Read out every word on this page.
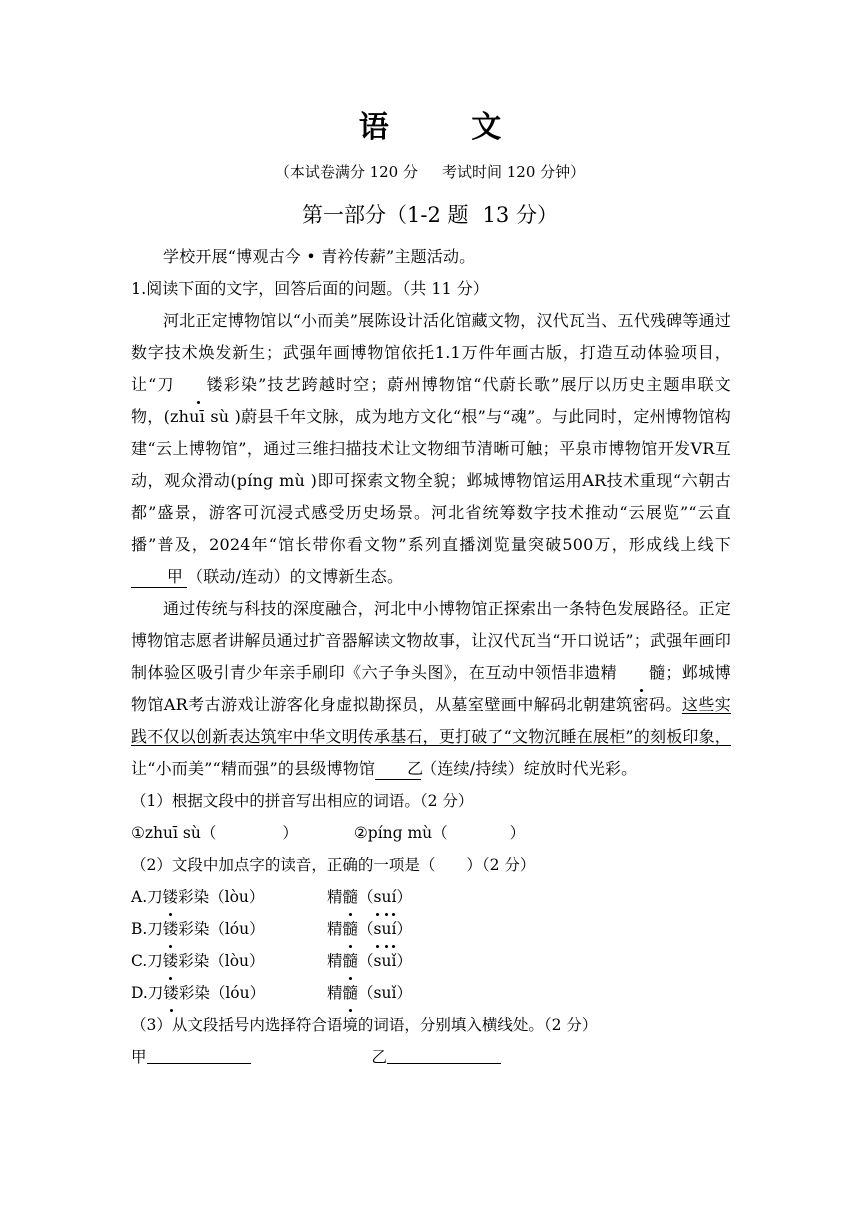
语 文
（本试卷满分 120 分 考试时间 120 分钟）
第一部分（1-2 题 13 分）

学校开展“博观古今 • 青衿传薪”主题活动。

1.阅读下面的文字，回答后面的问题。（共 11 分）

河北正定博物馆以“小而美”展陈设计活化馆藏文物，汉代瓦当、五代残碑等通过数字技术焕发新生；武强年画博物馆依托1.1万件年画古版，打造互动体验项目，让“刀 镂彩染”技艺跨越时空；蔚州博物馆“代蔚长歌”展厅以历史主题串联文物，(zhuī sù )蔚县千年文脉，成为地方文化“根”与“魂”。与此同时，定州博物馆构建“云上博物馆”，通过三维扫描技术让文物细节清晰可触；平泉市博物馆开发VR互动，观众滑动(pínɡ mù )即可探索文物全貌；邺城博物馆运用AR技术重现“六朝古都”盛景，游客可沉浸式感受历史场景。河北省统筹数字技术推动“云展览”“云直播”普及，2024年“馆长带你看文物”系列直播浏览量突破500万，形成线上线下甲 （联动/连动）的文博新生态。

通过传统与科技的深度融合，河北中小博物馆正探索出一条特色发展路径。正定博物馆志愿者讲解员通过扩音器解读文物故事，让汉代瓦当“开口说话”；武强年画印制体验区吸引青少年亲手刷印《六子争头图》，在互动中领悟非遗精 髓；邺城博物馆AR考古游戏让游客化身虚拟勘探员，从墓室壁画中解码北朝建筑密码。这些实践不仅以创新表达筑牢中华文明传承基石，更打破了“文物沉睡在展柜”的刻板印象，让“小而美”“精而强”的县级博物馆 乙（连续/持续）绽放时代光彩。

（1）根据文段中的拼音写出相应的词语。（2 分）

①zhuī sù（	）	②pínɡ mù（	）

（2）文段中加点字的读音，正确的一项是（　　）（2 分）

A.刀镂彩染（lòu）	精髓（suí）

B.刀镂彩染（lóu）	精髓（suí）

C.刀镂彩染（lòu）	精髓（suǐ）

D.刀镂彩染（lóu）	精髓（suǐ）

（3）从文段括号内选择符合语境的词语，分别填入横线处。（2 分）

甲	乙
